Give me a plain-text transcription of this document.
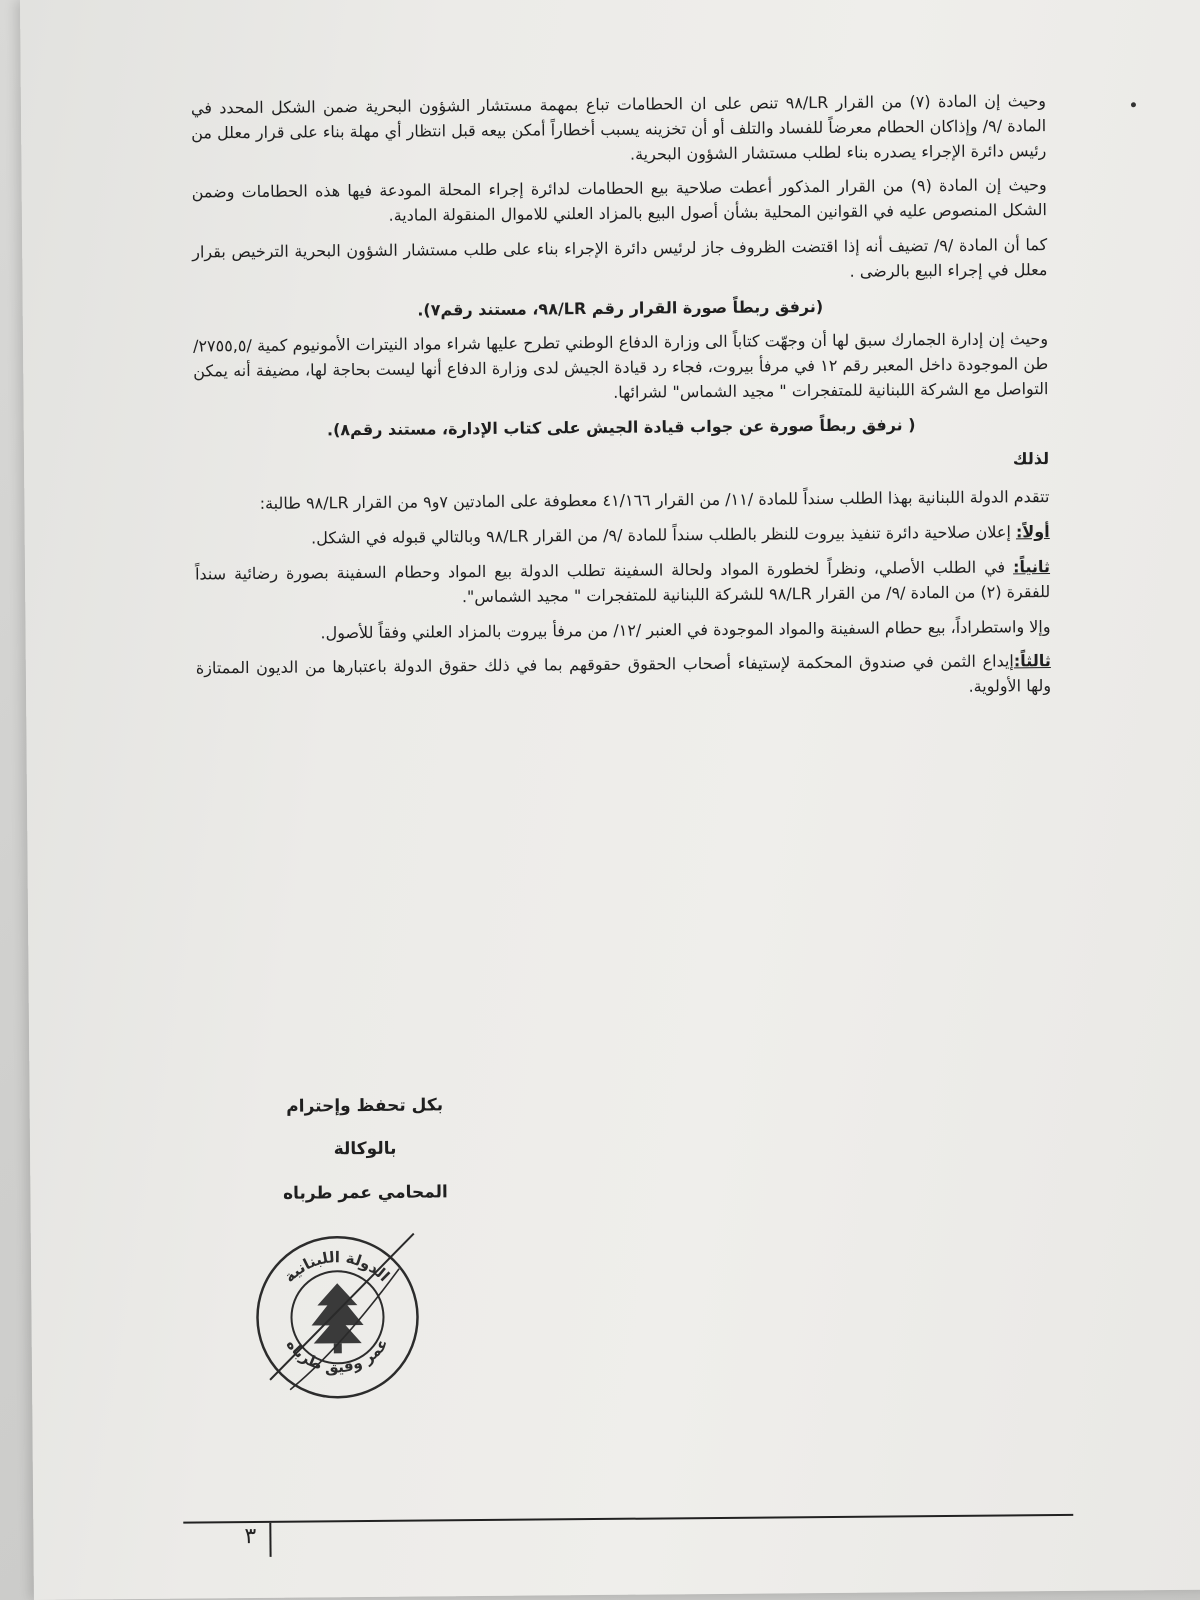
وحيث إن المادة (٧) من القرار LR/٩٨ تنص على ان الحطامات تباع بمهمة مستشار الشؤون البحرية ضمن الشكل المحدد في المادة /٩/ وإذاكان الحطام معرضاً للفساد والتلف أو أن تخزينه يسبب أخطاراً أمكن بيعه قبل انتظار أي مهلة بناء على قرار معلل من رئيس دائرة الإجراء يصدره بناء لطلب مستشار الشؤون البحرية.

وحيث إن المادة (٩) من القرار المذكور أعطت صلاحية بيع الحطامات لدائرة إجراء المحلة المودعة فيها هذه الحطامات وضمن الشكل المنصوص عليه في القوانين المحلية بشأن أصول البيع بالمزاد العلني للاموال المنقولة المادية.

كما أن المادة /٩/ تضيف أنه إذا اقتضت الظروف جاز لرئيس دائرة الإجراء بناء على طلب مستشار الشؤون البحرية الترخيص بقرار معلل في إجراء البيع بالرضى .

(نرفق ربطاً صورة القرار رقم LR/٩٨، مستند رقم٧).

وحيث إن إدارة الجمارك سبق لها أن وجهّت كتاباً الى وزارة الدفاع الوطني تطرح عليها شراء مواد النيترات الأمونيوم كمية /٢٧٥٥,٥/ طن الموجودة داخل المعبر رقم ١٢ في مرفأ بيروت، فجاء رد قيادة الجيش لدى وزارة الدفاع أنها ليست بحاجة لها، مضيفة أنه يمكن التواصل مع الشركة اللبنانية للمتفجرات " مجيد الشماس" لشرائها.

( نرفق ربطاً صورة عن جواب قيادة الجيش على كتاب الإدارة، مستند رقم٨).

لذلك

تتقدم الدولة اللبنانية بهذا الطلب سنداً للمادة /١١/ من القرار ٤١/١٦٦ معطوفة على المادتين ٧و٩ من القرار LR/٩٨ طالبة:

أولاً: إعلان صلاحية دائرة تنفيذ بيروت للنظر بالطلب سنداً للمادة /٩/ من القرار LR/٩٨ وبالتالي قبوله في الشكل.

ثانياً: في الطلب الأصلي، ونظراً لخطورة المواد ولحالة السفينة تطلب الدولة بيع المواد وحطام السفينة بصورة رضائية سنداً للفقرة (٢) من المادة /٩/ من القرار LR/٩٨ للشركة اللبنانية للمتفجرات " مجيد الشماس".

وإلا واستطراداً، بيع حطام السفينة والمواد الموجودة في العنبر /١٢/ من مرفأ بيروت بالمزاد العلني وفقاً للأصول.

ثالثاً:إيداع الثمن في صندوق المحكمة لإستيفاء أصحاب الحقوق حقوقهم بما في ذلك حقوق الدولة باعتبارها من الديون الممتازة ولها الأولوية.

بكل تحفظ وإحترام
بالوكالة
المحامي عمر طرباه
الدولة اللبنانية
عمر وفيق طرباه
٣
